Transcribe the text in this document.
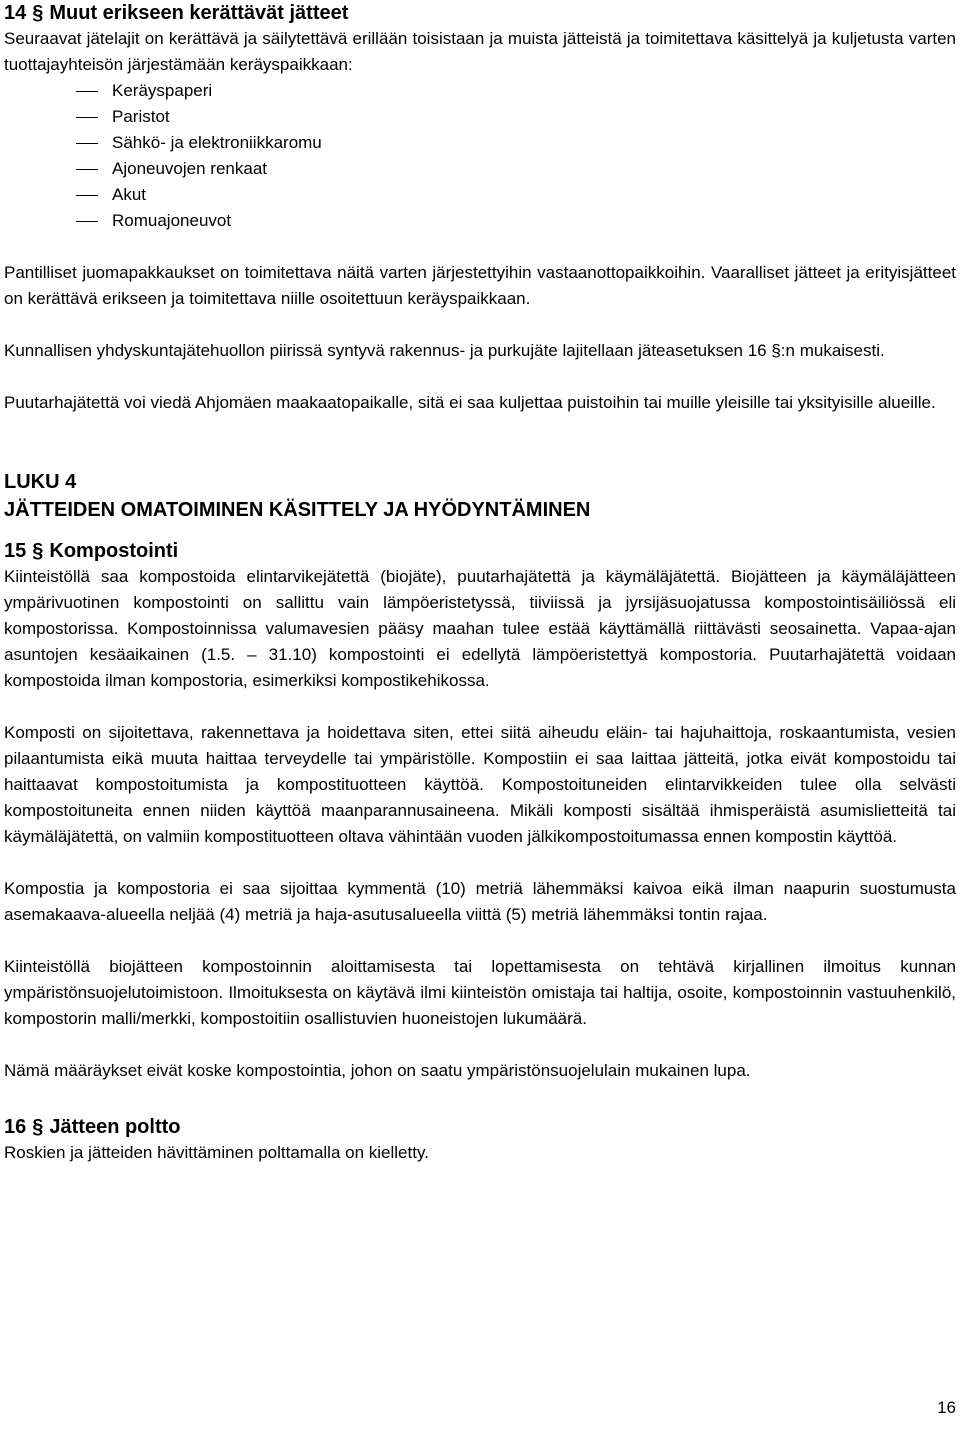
14 § Muut erikseen kerättävät jätteet

Seuraavat jätelajit on kerättävä ja säilytettävä erillään toisistaan ja muista jätteistä ja toimitettava käsittelyä ja kuljetusta varten tuottajayhteisön järjestämään keräyspaikkaan:

Keräyspaperi
Paristot
Sähkö- ja elektroniikkaromu
Ajoneuvojen renkaat
Akut
Romuajoneuvot

Pantilliset juomapakkaukset on toimitettava näitä varten järjestettyihin vastaanottopaikkoihin. Vaaralliset jätteet ja erityisjätteet on kerättävä erikseen ja toimitettava niille osoitettuun keräyspaikkaan.

Kunnallisen yhdyskuntajätehuollon piirissä syntyvä rakennus- ja purkujäte lajitellaan jäteasetuksen 16 §:n mukaisesti.

Puutarhajätettä voi viedä Ahjomäen maakaatopaikalle, sitä ei saa kuljettaa puistoihin tai muille yleisille tai yksityisille alueille.

LUKU 4
JÄTTEIDEN OMATOIMINEN KÄSITTELY JA HYÖDYNTÄMINEN
15 § Kompostointi

Kiinteistöllä saa kompostoida elintarvikejätettä (biojäte), puutarhajätettä ja käymäläjätettä. Biojätteen ja käymäläjätteen ympärivuotinen kompostointi on sallittu vain lämpöeristetyssä, tiiviissä ja jyrsijäsuojatussa kompostointisäiliössä eli kompostorissa. Kompostoinnissa valumavesien pääsy maahan tulee estää käyttämällä riittävästi seosainetta. Vapaa-ajan asuntojen kesäaikainen (1.5. – 31.10) kompostointi ei edellytä lämpöeristettyä kompostoria. Puutarhajätettä voidaan kompostoida ilman kompostoria, esimerkiksi kompostikehikossa.

Komposti on sijoitettava, rakennettava ja hoidettava siten, ettei siitä aiheudu eläin- tai hajuhaittoja, roskaantumista, vesien pilaantumista eikä muuta haittaa terveydelle tai ympäristölle. Kompostiin ei saa laittaa jätteitä, jotka eivät kompostoidu tai haittaavat kompostoitumista ja kompostituotteen käyttöä. Kompostoituneiden elintarvikkeiden tulee olla selvästi kompostoituneita ennen niiden käyttöä maanparannusaineena. Mikäli komposti sisältää ihmisperäistä asumislietteitä tai käymäläjätettä, on valmiin kompostituotteen oltava vähintään vuoden jälkikompostoitumassa ennen kompostin käyttöä.

Kompostia ja kompostoria ei saa sijoittaa kymmentä (10) metriä lähemmäksi kaivoa eikä ilman naapurin suostumusta asemakaava-alueella neljää (4) metriä ja haja-asutusalueella viittä (5) metriä lähemmäksi tontin rajaa.

Kiinteistöllä biojätteen kompostoinnin aloittamisesta tai lopettamisesta on tehtävä kirjallinen ilmoitus kunnan ympäristönsuojelutoimistoon. Ilmoituksesta on käytävä ilmi kiinteistön omistaja tai haltija, osoite, kompostoinnin vastuuhenkilö, kompostorin malli/merkki, kompostoitiin osallistuvien huoneistojen lukumäärä.

Nämä määräykset eivät koske kompostointia, johon on saatu ympäristönsuojelulain mukainen lupa.

16 § Jätteen poltto

Roskien ja jätteiden hävittäminen polttamalla on kielletty.

16
